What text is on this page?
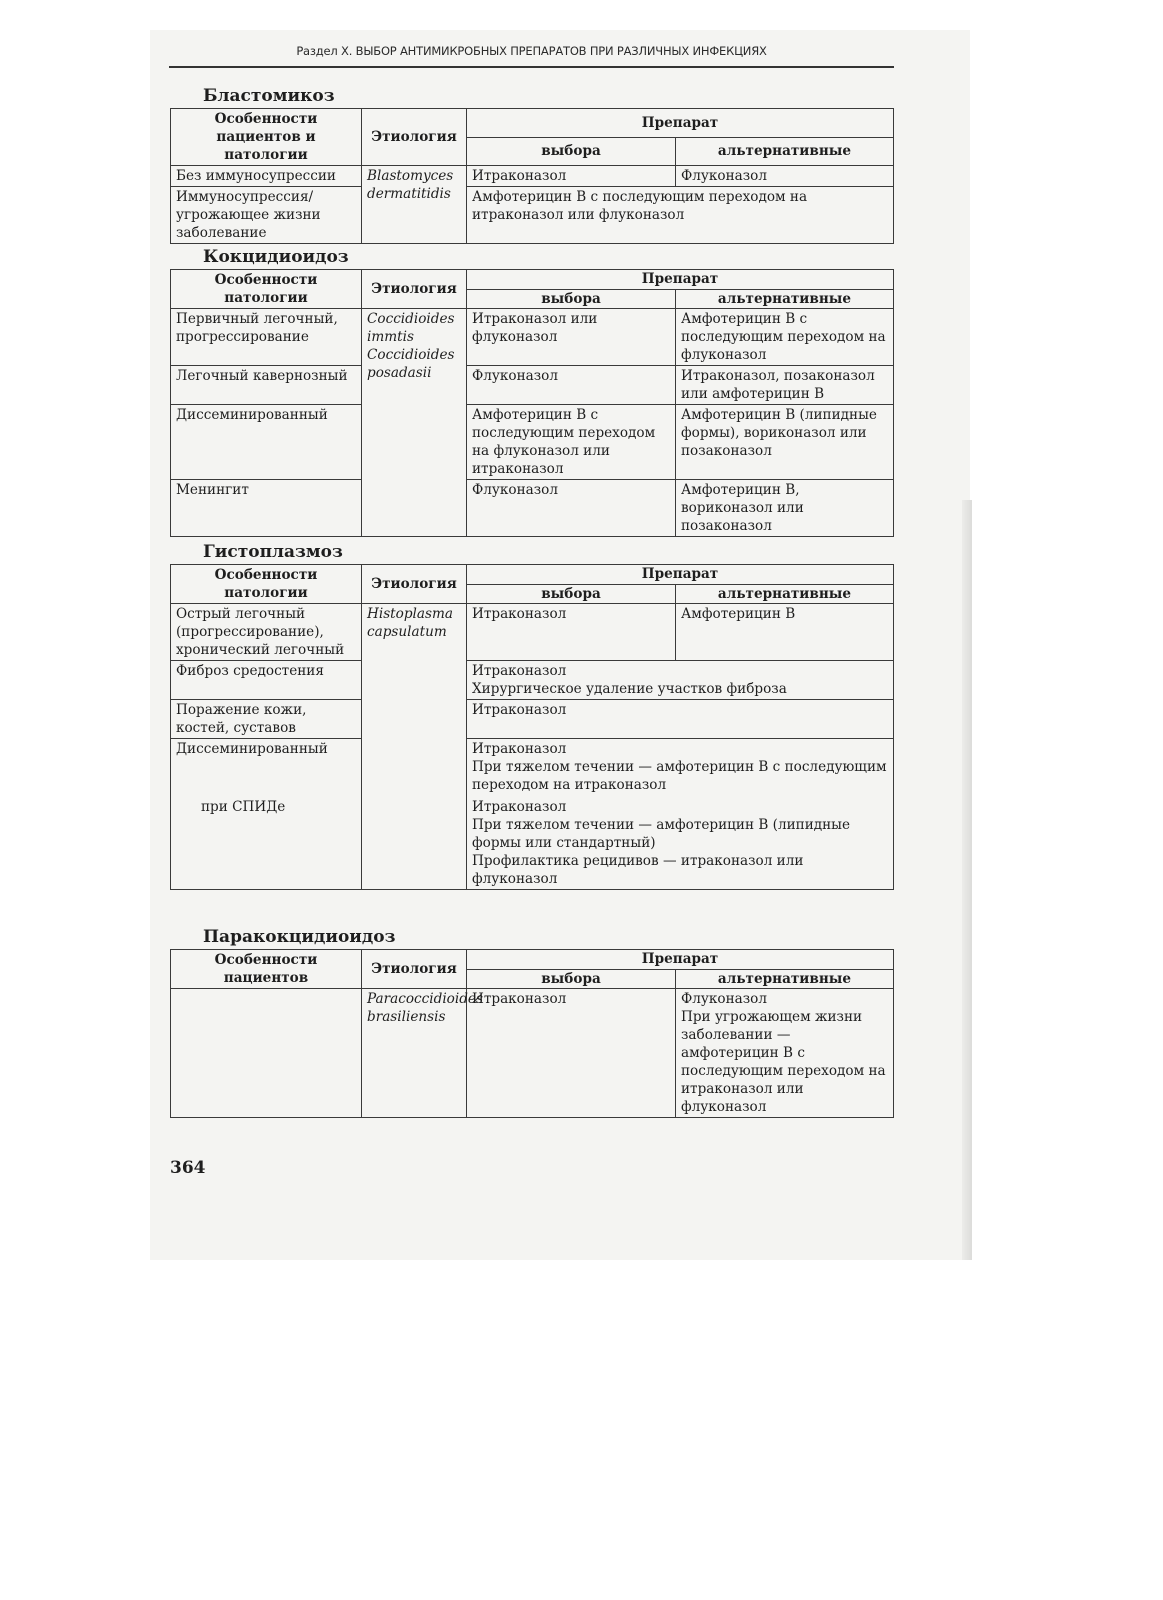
Раздел X. ВЫБОР АНТИМИКРОБНЫХ ПРЕПАРАТОВ ПРИ РАЗЛИЧНЫХ ИНФЕКЦИЯХ
Бластомикоз
Особенности пациентов и патологии	Этиология	Препарат	
		выбора	альтернативные
Без иммуносупрессии	Blastomyces dermatitidis	Итраконазол	Флуконазол
Иммуносупрессия/ угрожающее жизни заболевание		Амфотерицин В с последующим переходом на итраконазол или флуконазол	
Кокцидиоидоз
Особенности патологии	Этиология	Препарат	
		выбора	альтернативные
Первичный легочный, прогрессирование	Coccidioides immtis Coccidioides posadasii	Итраконазол или флуконазол	Амфотерицин В с последующим переходом на флуконазол
Легочный кавернозный		Флуконазол	Итраконазол, позаконазол или амфотерицин В
Диссеминированный		Амфотерицин В с последующим переходом на флуконазол или итраконазол	Амфотерицин В (липидные формы), вориконазол или позаконазол
Менингит		Флуконазол	Амфотерицин В, вориконазол или позаконазол
Гистоплазмоз
Особенности патологии	Этиология	Препарат	
		выбора	альтернативные
Острый легочный (прогрессирование), хронический легочный	Histoplasma capsulatum	Итраконазол	Амфотерицин В
Фиброз средостения		Итраконазол
Хирургическое удаление участков фиброза	

Поражение кожи, костей, суставов		Итраконазол	

Диссеминированный		Итраконазол
При тяжелом течении — амфотерицин В с последующим переходом на итраконазол	

при СПИДе		Итраконазол
При тяжелом течении — амфотерицин В (липидные формы или стандартный)
Профилактика рецидивов — итраконазол или флуконазол	
Паракокцидиоидоз
Особенности пациентов	Этиология	Препарат	
		выбора	альтернативные
	Paracoccidioides brasiliensis	Итраконазол	Флуконазол
При угрожающем жизни заболевании — амфотерицин В с последующим переходом на итраконазол или флуконазол
364
